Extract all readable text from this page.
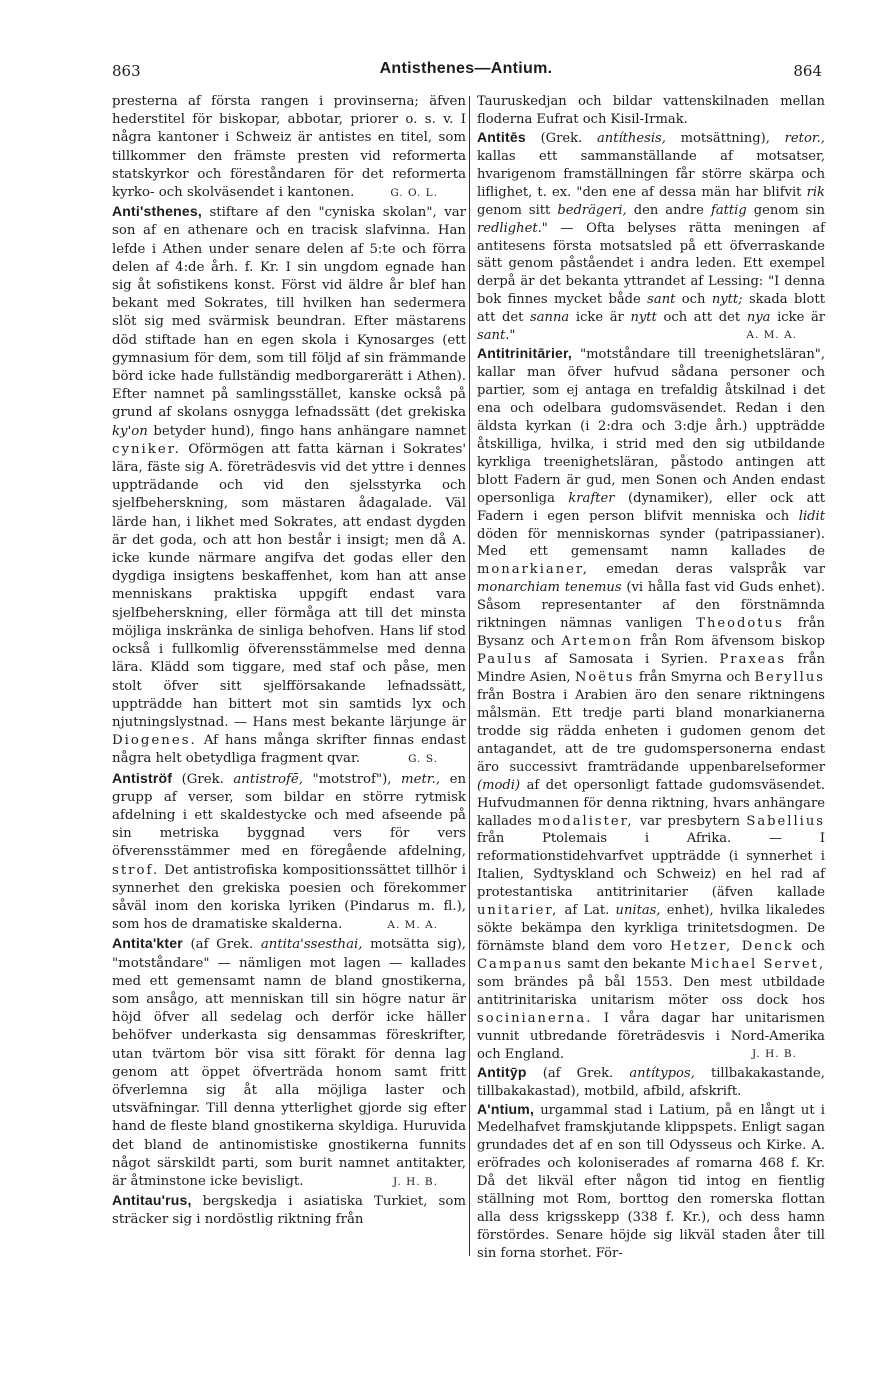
863	Antisthenes—Antium.	864

presterna af första rangen i provinserna; äfven hederstitel för biskopar, abbotar, priorer o. s. v. I några kantoner i Schweiz är antistes en titel, som tillkommer den främste presten vid reformerta statskyrkor och föreståndaren för det reformerta kyrko- och skolväsendet i kantonen.	G. O. L.

Anti'sthenes, stiftare af den "cyniska skolan", var son af en athenare och en tracisk slafvinna. Han lefde i Athen under senare delen af 5:te och förra delen af 4:de årh. f. Kr. I sin ungdom egnade han sig åt sofistikens konst. Först vid äldre år blef han bekant med Sokrates, till hvilken han sedermera slöt sig med svärmisk beundran. Efter mästarens död stiftade han en egen skola i Kynosarges (ett gymnasium för dem, som till följd af sin främmande börd icke hade fullständig medborgarerätt i Athen). Efter namnet på samlingsstället, kanske också på grund af skolans osnygga lefnadssätt (det grekiska ky'on betyder hund), fingo hans anhängare namnet cyniker. Oförmögen att fatta kärnan i Sokrates' lära, fäste sig A. företrädesvis vid det yttre i dennes uppträdande och vid den sjelsstyrka och sjelfbeherskning, som mästaren ådagalade. Väl lärde han, i likhet med Sokrates, att endast dygden är det goda, och att hon består i insigt; men då A. icke kunde närmare angifva det godas eller den dygdiga insigtens beskaffenhet, kom han att anse menniskans praktiska uppgift endast vara sjelfbeherskning, eller förmåga att till det minsta möjliga inskränka de sinliga behofven. Hans lif stod också i fullkomlig öfverensstämmelse med denna lära. Klädd som tiggare, med staf och påse, men stolt öfver sitt sjelfförsakande lefnadssätt, uppträdde han bittert mot sin samtids lyx och njutningslystnad. — Hans mest bekante lärjunge är Diogenes. Af hans många skrifter finnas endast några helt obetydliga fragment qvar.	G. S.

Antiströf (Grek. antistrofē, "motstrof"), metr., en grupp af verser, som bildar en större rytmisk afdelning i ett skaldestycke och med afseende på sin metriska byggnad vers för vers öfverensstämmer med en föregående afdelning, strof. Det antistrofiska kompositionssättet tillhör i synnerhet den grekiska poesien och förekommer såväl inom den koriska lyriken (Pindarus m. fl.), som hos de dramatiske skalderna.	A. M. A.

Antita'kter (af Grek. antita'ssesthai, motsätta sig), "motståndare" — nämligen mot lagen — kallades med ett gemensamt namn de bland gnostikerna, som ansågo, att menniskan till sin högre natur är höjd öfver all sedelag och derför icke häller behöfver underkasta sig densammas föreskrifter, utan tvärtom bör visa sitt förakt för denna lag genom att öppet öfverträda honom samt fritt öfverlemna sig åt alla möjliga laster och utsväfningar. Till denna ytterlighet gjorde sig efter hand de fleste bland gnostikerna skyldiga. Huruvida det bland de antinomistiske gnostikerna funnits något särskildt parti, som burit namnet antitakter, är åtminstone icke bevisligt.	J. H. B.

Antitau'rus, bergskedja i asiatiska Turkiet, som sträcker sig i nordöstlig riktning från

Tauruskedjan och bildar vattenskilnaden mellan floderna Eufrat och Kisil-Irmak.

Antitēs (Grek. antíthesis, motsättning), retor., kallas ett sammanställande af motsatser, hvarigenom framställningen får större skärpa och liflighet, t. ex. "den ene af dessa män har blifvit rik genom sitt bedrägeri, den andre fattig genom sin redlighet." — Ofta belyses rätta meningen af antitesens första motsatsled på ett öfverraskande sätt genom påståendet i andra leden. Ett exempel derpå är det bekanta yttrandet af Lessing: "I denna bok finnes mycket både sant och nytt; skada blott att det sanna icke är nytt och att det nya icke är sant."	A. M. A.

Antitrinitārier, "motståndare till treenighetsläran", kallar man öfver hufvud sådana personer och partier, som ej antaga en trefaldig åtskilnad i det ena och odelbara gudomsväsendet. Redan i den äldsta kyrkan (i 2:dra och 3:dje årh.) uppträdde åtskilliga, hvilka, i strid med den sig utbildande kyrkliga treenighetsläran, påstodo antingen att blott Fadern är gud, men Sonen och Anden endast opersonliga krafter (dynamiker), eller ock att Fadern i egen person blifvit menniska och lidit döden för menniskornas synder (patripassianer). Med ett gemensamt namn kallades de monarkianer, emedan deras valspråk var monarchiam tenemus (vi hålla fast vid Guds enhet). Såsom representanter af den förstnämnda riktningen nämnas vanligen Theodotus från Bysanz och Artemon från Rom äfvensom biskop Paulus af Samosata i Syrien. Praxeas från Mindre Asien, Noëtus från Smyrna och Beryllus från Bostra i Arabien äro den senare riktningens målsmän. Ett tredje parti bland monarkianerna trodde sig rädda enheten i gudomen genom det antagandet, att de tre gudomspersonerna endast äro successivt framträdande uppenbarelseformer (modi) af det opersonligt fattade gudomsväsendet. Hufvudmannen för denna riktning, hvars anhängare kallades modalister, var presbytern Sabellius från Ptolemais i Afrika. — I reformationstidehvarfvet uppträdde (i synnerhet i Italien, Sydtyskland och Schweiz) en hel rad af protestantiska antitrinitarier (äfven kallade unitarier, af Lat. unitas, enhet), hvilka likaledes sökte bekämpa den kyrkliga trinitetsdogmen. De förnämste bland dem voro Hetzer, Denck och Campanus samt den bekante Michael Servet, som brändes på bål 1553. Den mest utbildade antitrinitariska unitarism möter oss dock hos socinianerna. I våra dagar har unitarismen vunnit utbredande företrädesvis i Nord-Amerika och England.	J. H. B.

Antitȳp (af Grek. antítypos, tillbakakastande, tillbakakastad), motbild, afbild, afskrift.

A'ntium, urgammal stad i Latium, på en långt ut i Medelhafvet framskjutande klippspets. Enligt sagan grundades det af en son till Odysseus och Kirke. A. eröfrades och koloniserades af romarna 468 f. Kr. Då det likväl efter någon tid intog en fientlig ställning mot Rom, borttog den romerska flottan alla dess krigsskepp (338 f. Kr.), och dess hamn förstördes. Senare höjde sig likväl staden åter till sin forna storhet. För-
